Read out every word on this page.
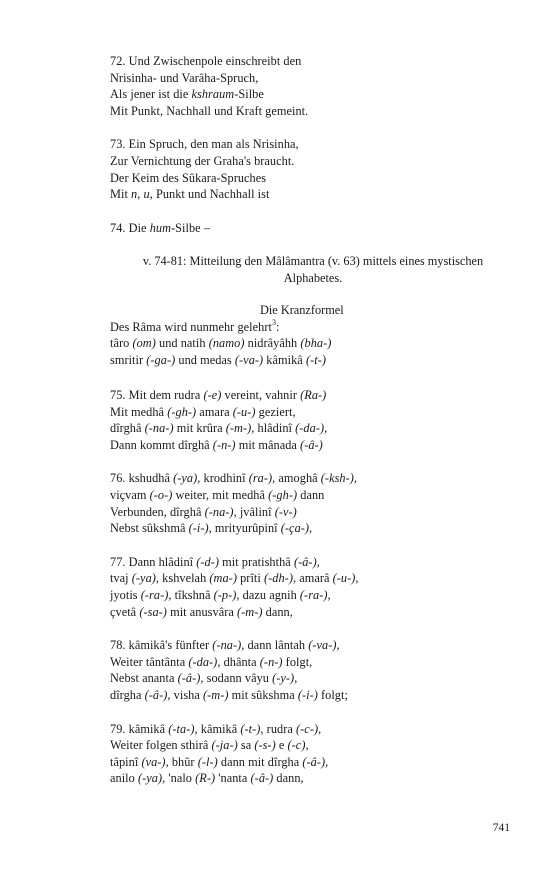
72. Und Zwischenpole einschreibt den
Nrisinha- und Varâha-Spruch,
Als jener ist die kshraum-Silbe
Mit Punkt, Nachhall und Kraft gemeint.
73. Ein Spruch, den man als Nrisinha,
Zur Vernichtung der Graha's braucht.
Der Keim des Sûkara-Spruches
Mit n, u, Punkt und Nachhall ist
74. Die hum-Silbe –
v. 74-81: Mitteilung den Mâlâmantra (v. 63) mittels eines mystischen
Alphabetes.
Die Kranzformel
Des Râma wird nunmehr gelehrt$^3$:
târo (om) und natih (namo) nidrâyâhh (bha-)
smritir (-ga-) und medas (-va-) kâmikâ (-t-)
75. Mit dem rudra (-e) vereint, vahnir (Ra-)
Mit medhâ (-gh-) amara (-u-) geziert,
dîrghâ (-na-) mit krûra (-m-), hlâdinî (-da-),
Dann kommt dîrghâ (-n-) mit mânada (-â-)
76. kshudhâ (-ya), krodhinî (ra-), amoghâ (-ksh-),
viçvam (-o-) weiter, mit medhâ (-gh-) dann
Verbunden, dîrghâ (-na-), jvâlinî (-v-)
Nebst sûkshmâ (-i-), mrityurûpinî (-ça-),
77. Dann hlâdinî (-d-) mit pratishthâ (-â-),
tvaj (-ya), kshvelah (ma-) prîti (-dh-), amarâ (-u-),
jyotis (-ra-), tîkshnâ (-p-), dazu agnih (-ra-),
çvetâ (-sa-) mit anusvâra (-m-) dann,
78. kâmikâ's fünfter (-na-), dann lântah (-va-),
Weiter tântânta (-da-), dhânta (-n-) folgt,
Nebst ananta (-â-), sodann vâyu (-y-),
dîrgha (-â-), visha (-m-) mit sûkshma (-i-) folgt;
79. kâmikâ (-ta-), kâmikâ (-t-), rudra (-c-),
Weiter folgen sthirâ (-ja-) sa (-s-) e (-c),
tâpinî (va-), bhûr (-l-) dann mit dîrgha (-â-),
anilo (-ya), 'nalo (R-) 'nanta (-â-) dann,
741
